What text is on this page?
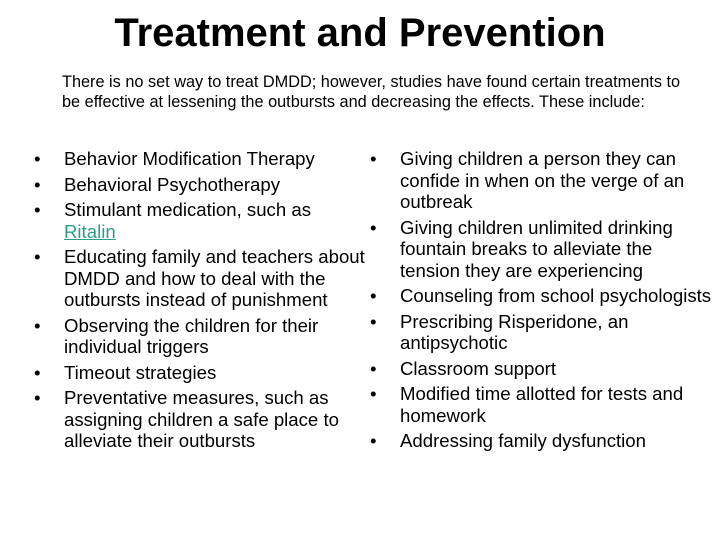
Treatment and Prevention

There is no set way to treat DMDD; however, studies have found certain treatments to be effective at lessening the outbursts and decreasing the effects. These include:

•	Behavior Modification Therapy
•	Behavioral Psychotherapy
•	Stimulant medication, such as Ritalin
•	Educating family and teachers about DMDD and how to deal with the outbursts instead of punishment
•	Observing the children for their individual triggers
•	Timeout strategies
•	Preventative measures, such as assigning children a safe place to alleviate their outbursts
•	Giving children a person they can confide in when on the verge of an outbreak
•	Giving children unlimited drinking fountain breaks to alleviate the tension they are experiencing
•	Counseling from school psychologists
•	Prescribing Risperidone, an antipsychotic
•	Classroom support
•	Modified time allotted for tests and homework
•	Addressing family dysfunction
